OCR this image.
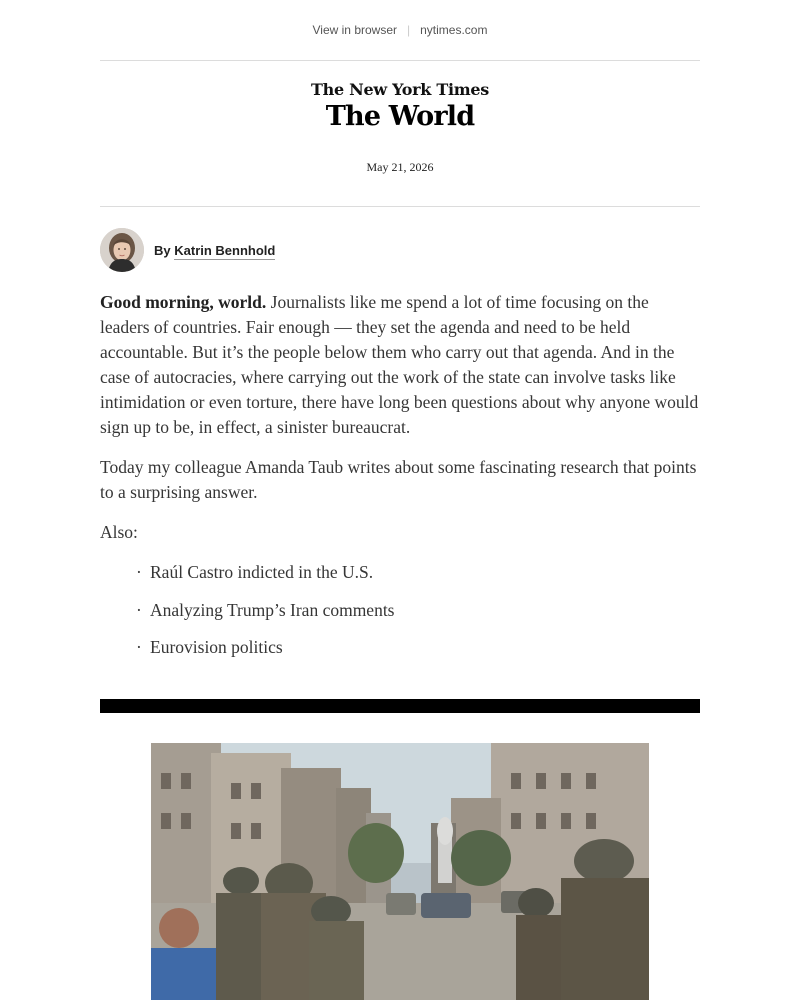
View in browser | nytimes.com
The New York Times
The World
May 21, 2026
By Katrin Bennhold

Good morning, world. Journalists like me spend a lot of time focusing on the leaders of countries. Fair enough — they set the agenda and need to be held accountable. But it’s the people below them who carry out that agenda. And in the case of autocracies, where carrying out the work of the state can involve tasks like intimidation or even torture, there have long been questions about why anyone would sign up to be, in effect, a sinister bureaucrat.

Today my colleague Amanda Taub writes about some fascinating research that points to a surprising answer.

Also:

· Raúl Castro indicted in the U.S.
· Analyzing Trump’s Iran comments
· Eurovision politics
